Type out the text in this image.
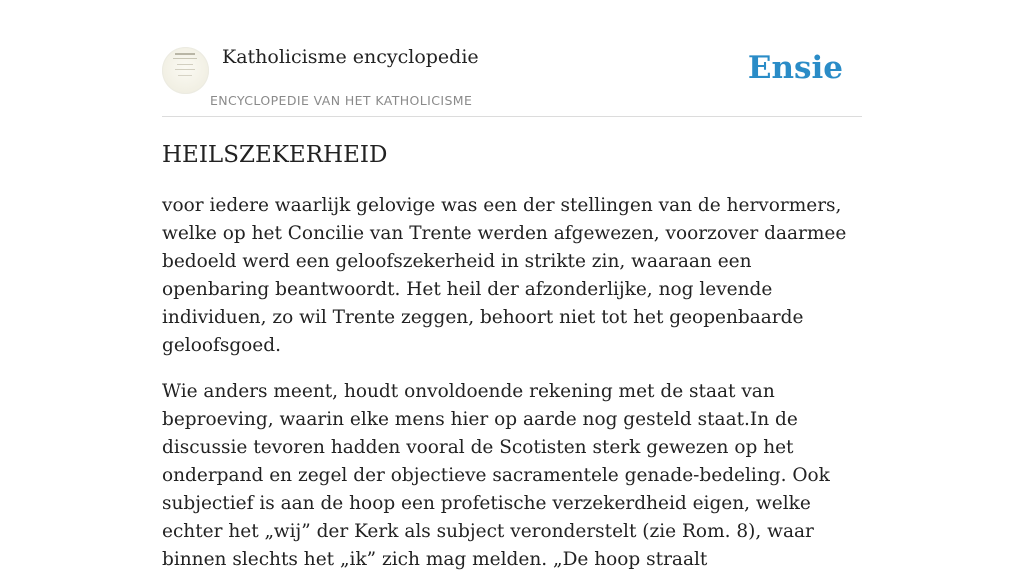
Katholicisme encyclopedie
ENCYCLOPEDIE VAN HET KATHOLICISME
Ensie
HEILSZEKERHEID

voor iedere waarlijk gelovige was een der stellingen van de hervormers, welke op het Concilie van Trente werden afgewezen, voorzover daarmee bedoeld werd een geloofszekerheid in strikte zin, waaraan een openbaring beantwoordt. Het heil der afzonderlijke, nog levende individuen, zo wil Trente zeggen, behoort niet tot het geopenbaarde geloofsgoed.

Wie anders meent, houdt onvoldoende rekening met de staat van beproeving, waarin elke mens hier op aarde nog gesteld staat.In de discussie tevoren hadden vooral de Scotisten sterk gewezen op het onderpand en zegel der objectieve sacramentele genade-bedeling. Ook subjectief is aan de hoop een profetische verzekerdheid eigen, welke echter het „wij” der Kerk als subject veronderstelt (zie Rom. 8), waar binnen slechts het „ik” zich mag melden. „De hoop straalt
